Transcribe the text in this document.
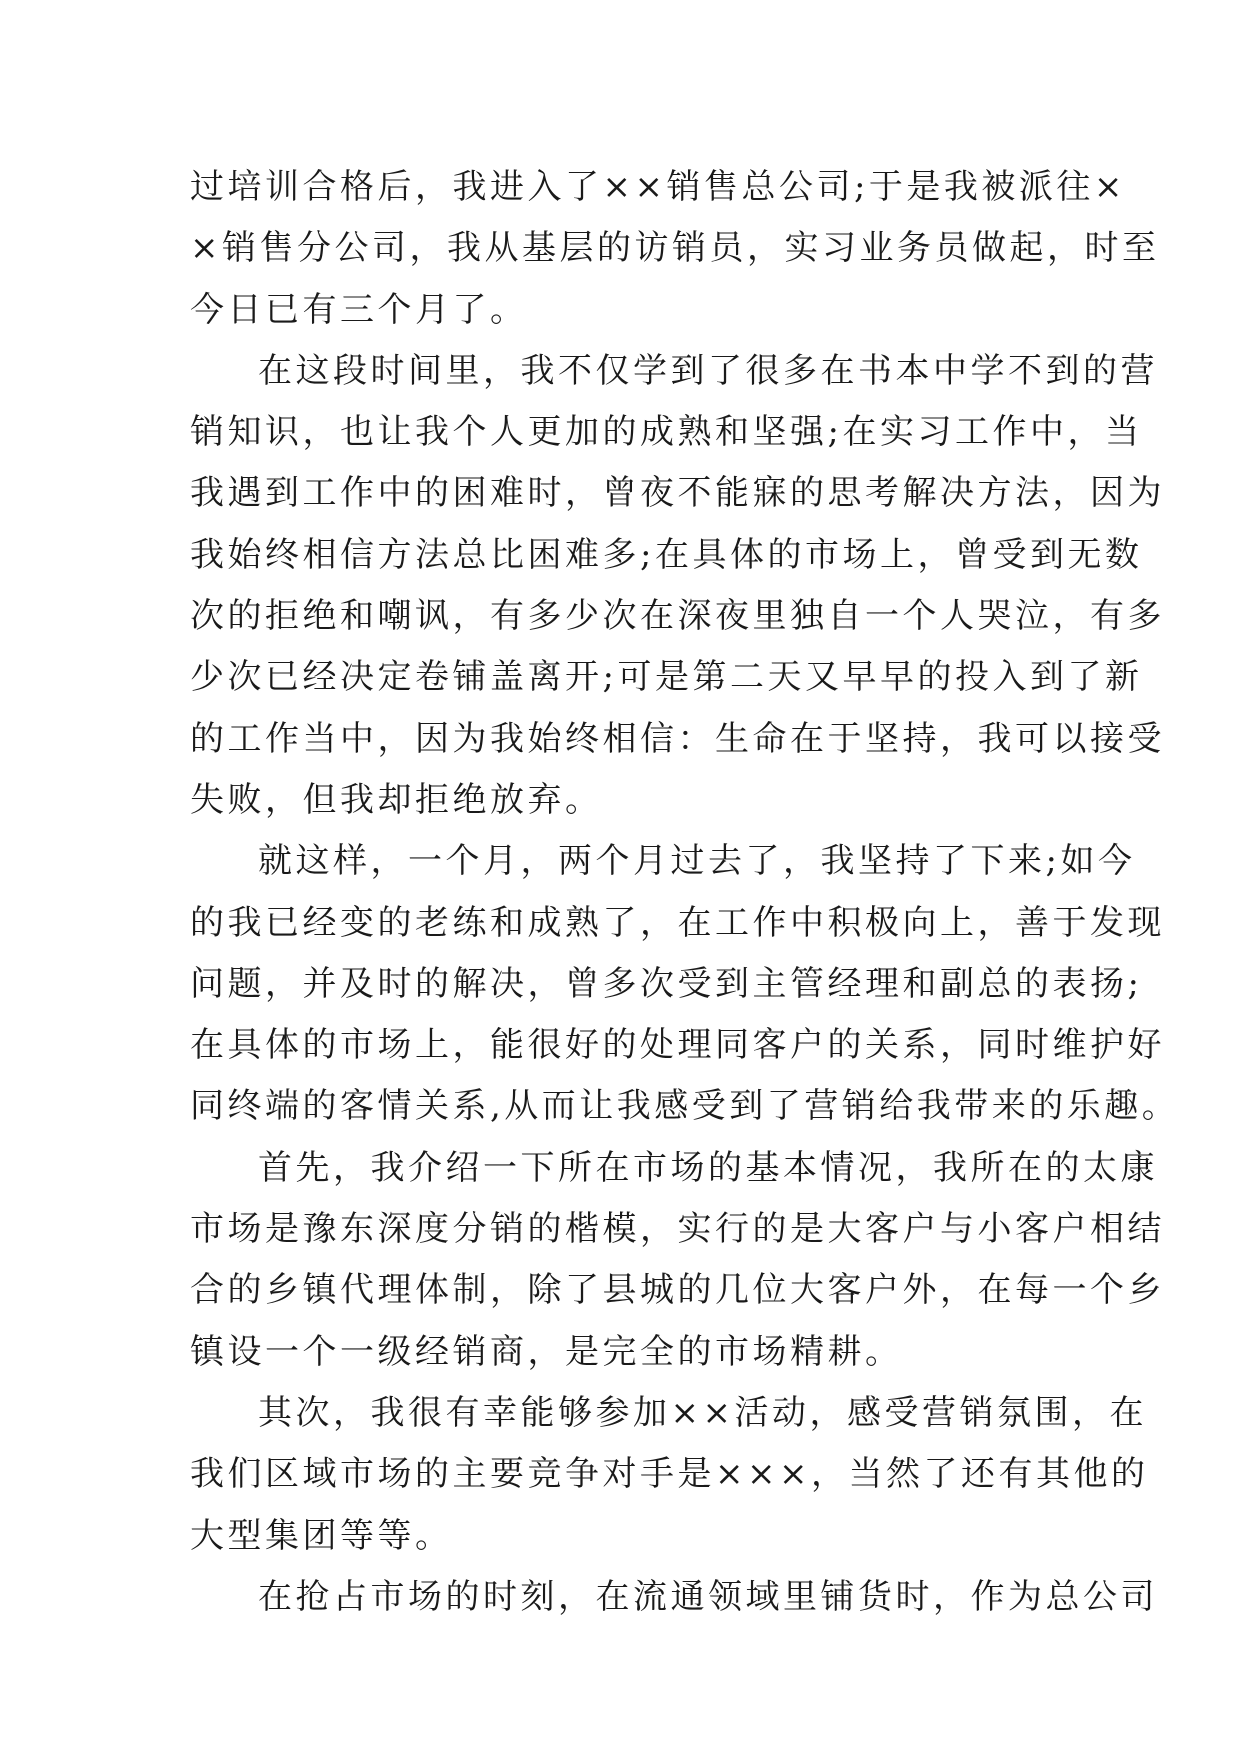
过培训合格后，我进入了××销售总公司;于是我被派往×
×销售分公司，我从基层的访销员，实习业务员做起，时至
今日已有三个月了。
在这段时间里，我不仅学到了很多在书本中学不到的营
销知识，也让我个人更加的成熟和坚强;在实习工作中，当
我遇到工作中的困难时，曾夜不能寐的思考解决方法，因为
我始终相信方法总比困难多;在具体的市场上，曾受到无数
次的拒绝和嘲讽，有多少次在深夜里独自一个人哭泣，有多
少次已经决定卷铺盖离开;可是第二天又早早的投入到了新
的工作当中，因为我始终相信：生命在于坚持，我可以接受
失败，但我却拒绝放弃。
就这样，一个月，两个月过去了，我坚持了下来;如今
的我已经变的老练和成熟了，在工作中积极向上，善于发现
问题，并及时的解决，曾多次受到主管经理和副总的表扬;
在具体的市场上，能很好的处理同客户的关系，同时维护好
同终端的客情关系,从而让我感受到了营销给我带来的乐趣。
首先，我介绍一下所在市场的基本情况，我所在的太康
市场是豫东深度分销的楷模，实行的是大客户与小客户相结
合的乡镇代理体制，除了县城的几位大客户外，在每一个乡
镇设一个一级经销商，是完全的市场精耕。
其次，我很有幸能够参加××活动，感受营销氛围，在
我们区域市场的主要竞争对手是×××，当然了还有其他的
大型集团等等。
在抢占市场的时刻，在流通领域里铺货时，作为总公司
